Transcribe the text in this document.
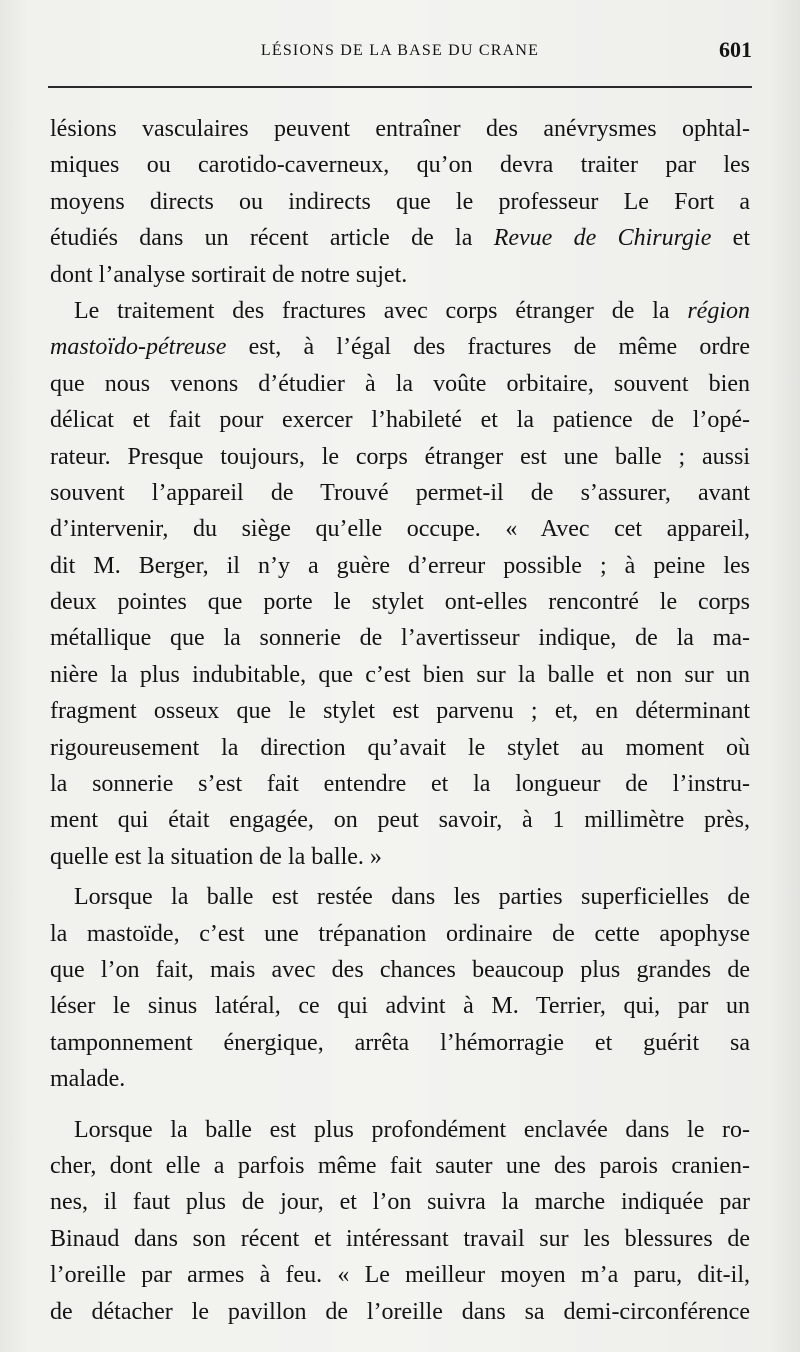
LÉSIONS DE LA BASE DU CRANE	601
lésions vasculaires peuvent entraîner des anévrysmes ophtal-
miques ou carotido-caverneux, qu’on devra traiter par les
moyens directs ou indirects que le professeur Le Fort a
étudiés dans un récent article de la Revue de Chirurgie et
dont l’analyse sortirait de notre sujet.
Le traitement des fractures avec corps étranger de la région
mastoïdo-pétreuse est, à l’égal des fractures de même ordre
que nous venons d’étudier à la voûte orbitaire, souvent bien
délicat et fait pour exercer l’habileté et la patience de l’opé-
rateur. Presque toujours, le corps étranger est une balle ; aussi
souvent l’appareil de Trouvé permet-il de s’assurer, avant
d’intervenir, du siège qu’elle occupe. « Avec cet appareil,
dit M. Berger, il n’y a guère d’erreur possible ; à peine les
deux pointes que porte le stylet ont-elles rencontré le corps
métallique que la sonnerie de l’avertisseur indique, de la ma-
nière la plus indubitable, que c’est bien sur la balle et non sur un
fragment osseux que le stylet est parvenu ; et, en déterminant
rigoureusement la direction qu’avait le stylet au moment où
la sonnerie s’est fait entendre et la longueur de l’instru-
ment qui était engagée, on peut savoir, à 1 millimètre près,
quelle est la situation de la balle. »
Lorsque la balle est restée dans les parties superficielles de
la mastoïde, c’est une trépanation ordinaire de cette apophyse
que l’on fait, mais avec des chances beaucoup plus grandes de
léser le sinus latéral, ce qui advint à M. Terrier, qui, par un
tamponnement énergique, arrêta l’hémorragie et guérit sa
malade.
Lorsque la balle est plus profondément enclavée dans le ro-
cher, dont elle a parfois même fait sauter une des parois cranien-
nes, il faut plus de jour, et l’on suivra la marche indiquée par
Binaud dans son récent et intéressant travail sur les blessures de
l’oreille par armes à feu. « Le meilleur moyen m’a paru, dit-il,
de détacher le pavillon de l’oreille dans sa demi-circonférence
